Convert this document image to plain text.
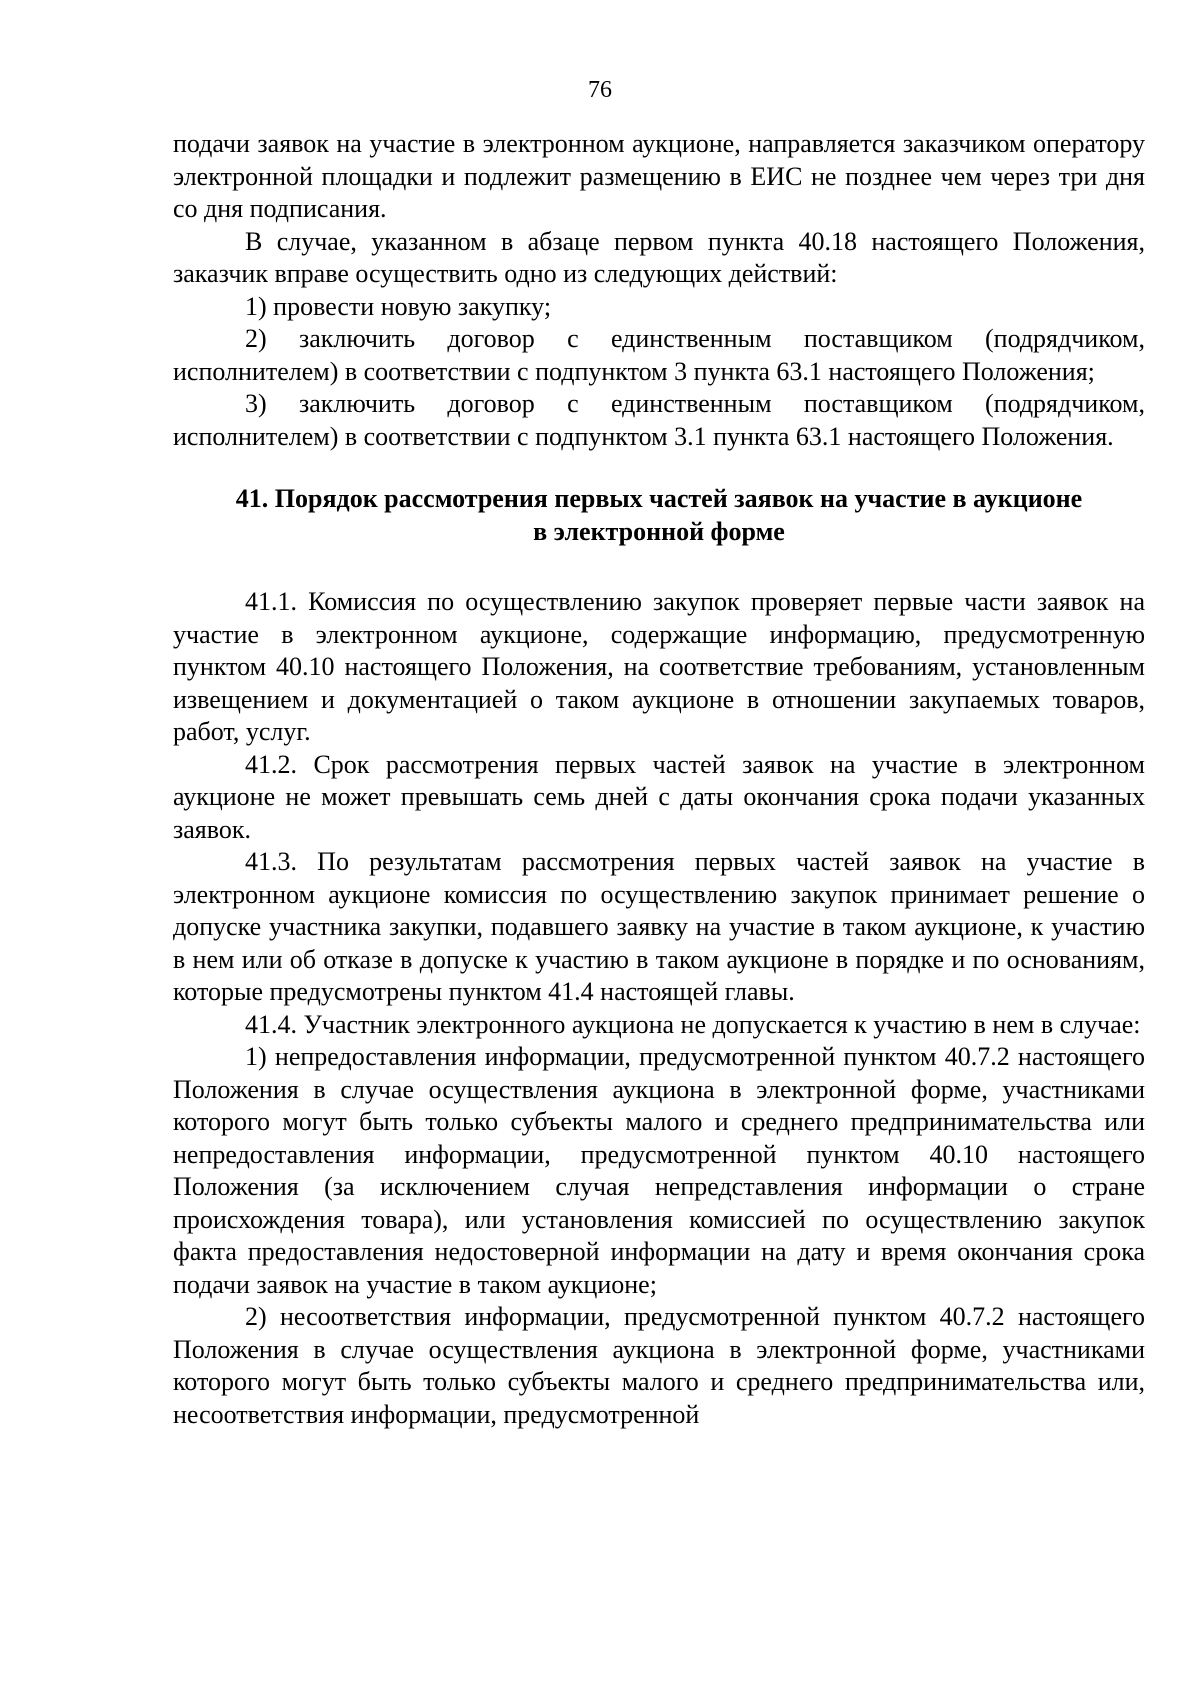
76

подачи заявок на участие в электронном аукционе, направляется заказчиком оператору электронной площадки и подлежит размещению в ЕИС не позднее чем через три дня со дня подписания.

В случае, указанном в абзаце первом пункта 40.18 настоящего Положения, заказчик вправе осуществить одно из следующих действий:

1) провести новую закупку;

2) заключить договор с единственным поставщиком (подрядчиком, исполнителем) в соответствии с подпунктом 3 пункта 63.1 настоящего Положения;

3) заключить договор с единственным поставщиком (подрядчиком, исполнителем) в соответствии с подпунктом 3.1 пункта 63.1 настоящего Положения.

41. Порядок рассмотрения первых частей заявок на участие в аукционе
в электронной форме

41.1. Комиссия по осуществлению закупок проверяет первые части заявок на участие в электронном аукционе, содержащие информацию, предусмотренную пунктом 40.10 настоящего Положения, на соответствие требованиям, установленным извещением и документацией о таком аукционе в отношении закупаемых товаров, работ, услуг.

41.2. Срок рассмотрения первых частей заявок на участие в электронном аукционе не может превышать семь дней с даты окончания срока подачи указанных заявок.

41.3. По результатам рассмотрения первых частей заявок на участие в электронном аукционе комиссия по осуществлению закупок принимает решение о допуске участника закупки, подавшего заявку на участие в таком аукционе, к участию в нем или об отказе в допуске к участию в таком аукционе в порядке и по основаниям, которые предусмотрены пунктом 41.4 настоящей главы.

41.4. Участник электронного аукциона не допускается к участию в нем в случае:

1) непредоставления информации, предусмотренной пунктом 40.7.2 настоящего Положения в случае осуществления аукциона в электронной форме, участниками которого могут быть только субъекты малого и среднего предпринимательства или непредоставления информации, предусмотренной пунктом 40.10 настоящего Положения (за исключением случая непредставления информации о стране происхождения товара), или установления комиссией по осуществлению закупок факта предоставления недостоверной информации на дату и время окончания срока подачи заявок на участие в таком аукционе;

2) несоответствия информации, предусмотренной пунктом 40.7.2 настоящего Положения в случае осуществления аукциона в электронной форме, участниками которого могут быть только субъекты малого и среднего предпринимательства или, несоответствия информации, предусмотренной
